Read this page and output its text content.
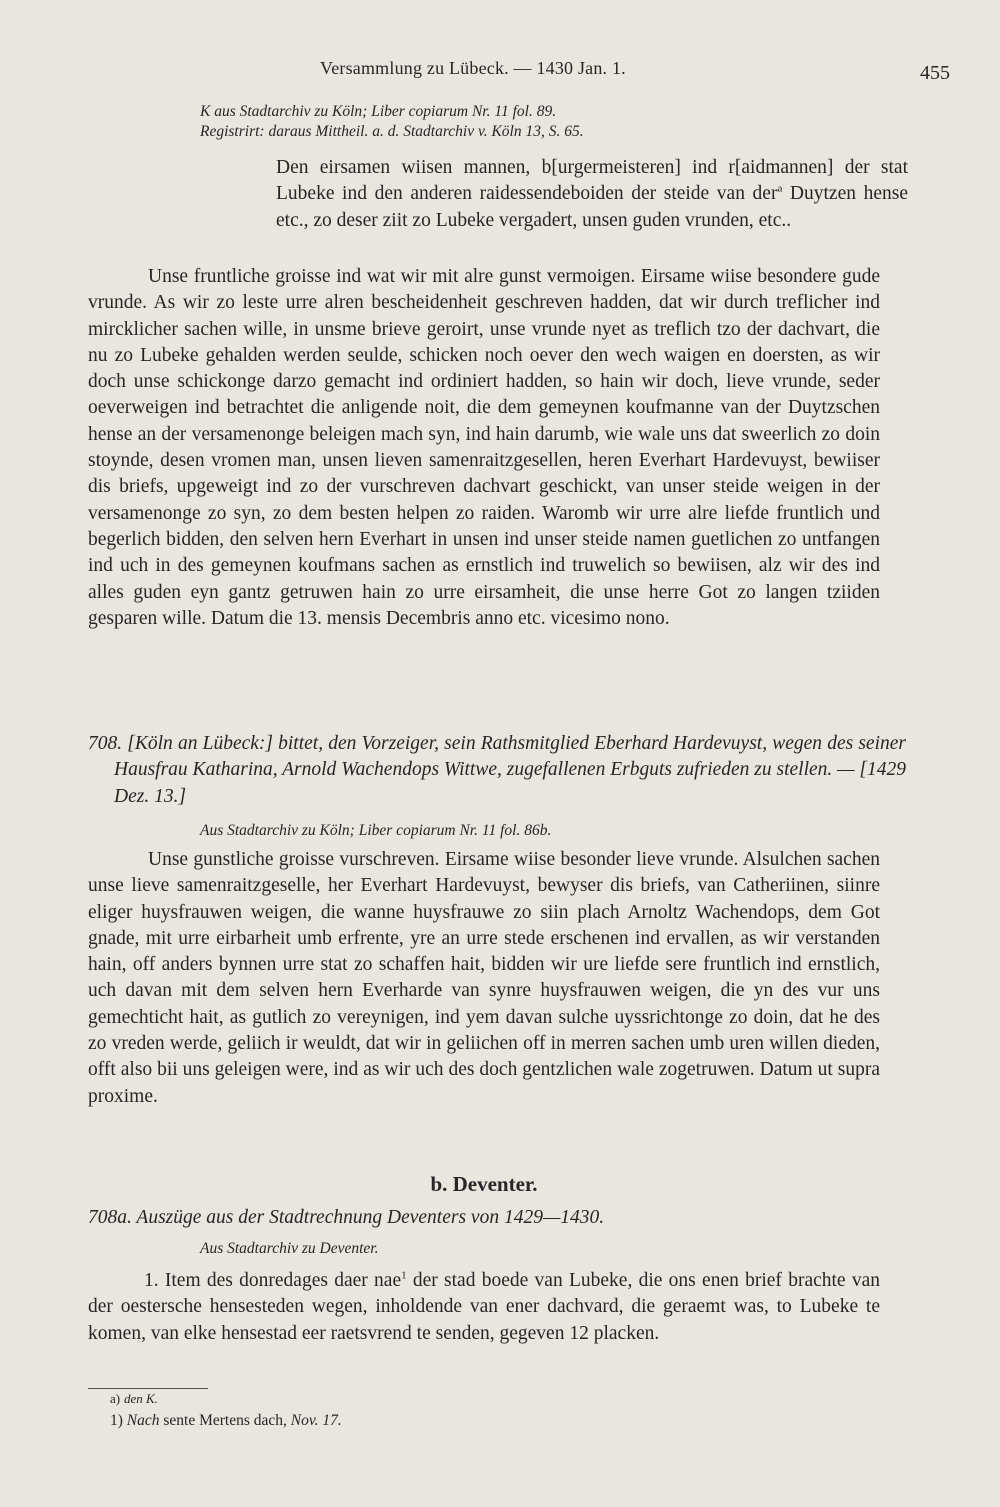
Versammlung zu Lübeck. — 1430 Jan. 1.	455
K aus Stadtarchiv zu Köln; Liber copiarum Nr. 11 fol. 89.
Registrirt: daraus Mittheil. a. d. Stadtarchiv v. Köln 13, S. 65.

Den eirsamen wiisen mannen, b[urgermeisteren] ind r[aidmannen] der stat Lubeke ind den anderen raidessendeboiden der steide van der$^a$ Duytzen hense etc., zo deser ziit zo Lubeke vergadert, unsen guden vrunden, etc..

Unse fruntliche groisse ind wat wir mit alre gunst vermoigen. Eirsame wiise besondere gude vrunde. As wir zo leste urre alren bescheidenheit geschreven hadden, dat wir durch treflicher ind mircklicher sachen wille, in unsme brieve geroirt, unse vrunde nyet as treflich tzo der dachvart, die nu zo Lubeke gehalden werden seulde, schicken noch oever den wech waigen en doersten, as wir doch unse schickonge darzo gemacht ind ordiniert hadden, so hain wir doch, lieve vrunde, seder oeverweigen ind betrachtet die anligende noit, die dem gemeynen koufmanne van der Duytzschen hense an der versamenonge beleigen mach syn, ind hain darumb, wie wale uns dat sweerlich zo doin stoynde, desen vromen man, unsen lieven samenraitzgesellen, heren Everhart Hardevuyst, bewiiser dis briefs, upgeweigt ind zo der vurschreven dachvart geschickt, van unser steide weigen in der versamenonge zo syn, zo dem besten helpen zo raiden. Waromb wir urre alre liefde fruntlich und begerlich bidden, den selven hern Everhart in unsen ind unser steide namen guetlichen zo untfangen ind uch in des gemeynen koufmans sachen as ernstlich ind truwelich so bewiisen, alz wir des ind alles guden eyn gantz getruwen hain zo urre eirsamheit, die unse herre Got zo langen tziiden gesparen wille. Datum die 13. mensis Decembris anno etc. vicesimo nono.

708. [Köln an Lübeck:] bittet, den Vorzeiger, sein Rathsmitglied Eberhard Hardevuyst, wegen des seiner Hausfrau Katharina, Arnold Wachendops Wittwe, zugefallenen Erbguts zufrieden zu stellen. — [1429 Dez. 13.]

Aus Stadtarchiv zu Köln; Liber copiarum Nr. 11 fol. 86b.

Unse gunstliche groisse vurschreven. Eirsame wiise besonder lieve vrunde. Alsulchen sachen unse lieve samenraitzgeselle, her Everhart Hardevuyst, bewyser dis briefs, van Catheriinen, siinre eliger huysfrauwen weigen, die wanne huysfrauwe zo siin plach Arnoltz Wachendops, dem Got gnade, mit urre eirbarheit umb erfrente, yre an urre stede erschenen ind ervallen, as wir verstanden hain, off anders bynnen urre stat zo schaffen hait, bidden wir ure liefde sere fruntlich ind ernstlich, uch davan mit dem selven hern Everharde van synre huysfrauwen weigen, die yn des vur uns gemechticht hait, as gutlich zo vereynigen, ind yem davan sulche uyssrichtonge zo doin, dat he des zo vreden werde, geliich ir weuldt, dat wir in geliichen off in merren sachen umb uren willen dieden, offt also bii uns geleigen were, ind as wir uch des doch gentzlichen wale zogetruwen. Datum ut supra proxime.

b. Deventer.

708a. Auszüge aus der Stadtrechnung Deventers von 1429—1430.

Aus Stadtarchiv zu Deventer.

1. Item des donredages daer nae$^1$ der stad boede van Lubeke, die ons enen brief brachte van der oestersche hensesteden wegen, inholdende van ener dachvard, die geraemt was, to Lubeke te komen, van elke hensestad eer raetsvrend te senden, gegeven 12 placken.

a) den K.
1) Nach sente Mertens dach, Nov. 17.
